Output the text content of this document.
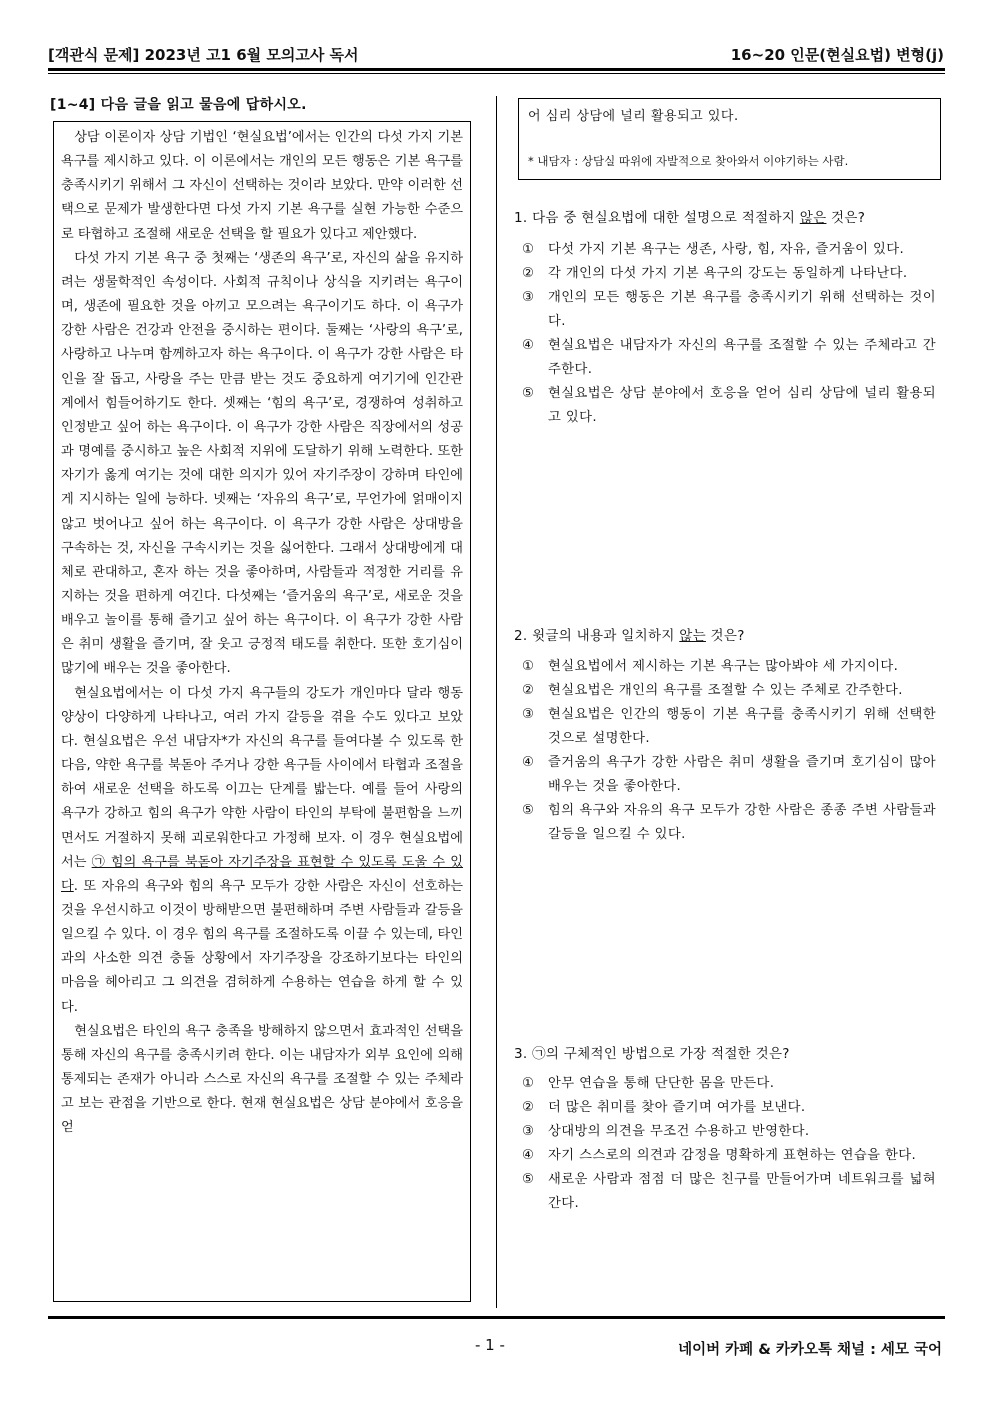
[객관식 문제] 2023년 고1 6월 모의고사 독서	16~20 인문(현실요법) 변형(j)
[1~4] 다음 글을 읽고 물음에 답하시오.

상담 이론이자 상담 기법인 ‘현실요법’에서는 인간의 다섯 가지 기본 욕구를 제시하고 있다. 이 이론에서는 개인의 모든 행동은 기본 욕구를 충족시키기 위해서 그 자신이 선택하는 것이라 보았다. 만약 이러한 선택으로 문제가 발생한다면 다섯 가지 기본 욕구를 실현 가능한 수준으로 타협하고 조절해 새로운 선택을 할 필요가 있다고 제안했다.

다섯 가지 기본 욕구 중 첫째는 ‘생존의 욕구’로, 자신의 삶을 유지하려는 생물학적인 속성이다. 사회적 규칙이나 상식을 지키려는 욕구이며, 생존에 필요한 것을 아끼고 모으려는 욕구이기도 하다. 이 욕구가 강한 사람은 건강과 안전을 중시하는 편이다. 둘째는 ‘사랑의 욕구’로, 사랑하고 나누며 함께하고자 하는 욕구이다. 이 욕구가 강한 사람은 타인을 잘 돕고, 사랑을 주는 만큼 받는 것도 중요하게 여기기에 인간관계에서 힘들어하기도 한다. 셋째는 ‘힘의 욕구’로, 경쟁하여 성취하고 인정받고 싶어 하는 욕구이다. 이 욕구가 강한 사람은 직장에서의 성공과 명예를 중시하고 높은 사회적 지위에 도달하기 위해 노력한다. 또한 자기가 옳게 여기는 것에 대한 의지가 있어 자기주장이 강하며 타인에게 지시하는 일에 능하다. 넷째는 ‘자유의 욕구’로, 무언가에 얽매이지 않고 벗어나고 싶어 하는 욕구이다. 이 욕구가 강한 사람은 상대방을 구속하는 것, 자신을 구속시키는 것을 싫어한다. 그래서 상대방에게 대체로 관대하고, 혼자 하는 것을 좋아하며, 사람들과 적정한 거리를 유지하는 것을 편하게 여긴다. 다섯째는 ‘즐거움의 욕구’로, 새로운 것을 배우고 놀이를 통해 즐기고 싶어 하는 욕구이다. 이 욕구가 강한 사람은 취미 생활을 즐기며, 잘 웃고 긍정적 태도를 취한다. 또한 호기심이 많기에 배우는 것을 좋아한다.

현실요법에서는 이 다섯 가지 욕구들의 강도가 개인마다 달라 행동 양상이 다양하게 나타나고, 여러 가지 갈등을 겪을 수도 있다고 보았다. 현실요법은 우선 내담자*가 자신의 욕구를 들여다볼 수 있도록 한 다음, 약한 욕구를 북돋아 주거나 강한 욕구들 사이에서 타협과 조절을 하여 새로운 선택을 하도록 이끄는 단계를 밟는다. 예를 들어 사랑의 욕구가 강하고 힘의 욕구가 약한 사람이 타인의 부탁에 불편함을 느끼면서도 거절하지 못해 괴로워한다고 가정해 보자. 이 경우 현실요법에서는 ㉠ 힘의 욕구를 북돋아 자기주장을 표현할 수 있도록 도울 수 있다. 또 자유의 욕구와 힘의 욕구 모두가 강한 사람은 자신이 선호하는 것을 우선시하고 이것이 방해받으면 불편해하며 주변 사람들과 갈등을 일으킬 수 있다. 이 경우 힘의 욕구를 조절하도록 이끌 수 있는데, 타인과의 사소한 의견 충돌 상황에서 자기주장을 강조하기보다는 타인의 마음을 헤아리고 그 의견을 겸허하게 수용하는 연습을 하게 할 수 있다.

현실요법은 타인의 욕구 충족을 방해하지 않으면서 효과적인 선택을 통해 자신의 욕구를 충족시키려 한다. 이는 내담자가 외부 요인에 의해 통제되는 존재가 아니라 스스로 자신의 욕구를 조절할 수 있는 주체라고 보는 관점을 기반으로 한다. 현재 현실요법은 상담 분야에서 호응을 얻

어 심리 상담에 널리 활용되고 있다.
* 내담자 : 상담실 따위에 자발적으로 찾아와서 이야기하는 사람.
1. 다음 중 현실요법에 대한 설명으로 적절하지 않은 것은?
①	다섯 가지 기본 욕구는 생존, 사랑, 힘, 자유, 즐거움이 있다.
②	각 개인의 다섯 가지 기본 욕구의 강도는 동일하게 나타난다.
③	개인의 모든 행동은 기본 욕구를 충족시키기 위해 선택하는 것이다.
④	현실요법은 내담자가 자신의 욕구를 조절할 수 있는 주체라고 간주한다.
⑤	현실요법은 상담 분야에서 호응을 얻어 심리 상담에 널리 활용되고 있다.
2. 윗글의 내용과 일치하지 않는 것은?
①	현실요법에서 제시하는 기본 욕구는 많아봐야 세 가지이다.
②	현실요법은 개인의 욕구를 조절할 수 있는 주체로 간주한다.
③	현실요법은 인간의 행동이 기본 욕구를 충족시키기 위해 선택한 것으로 설명한다.
④	즐거움의 욕구가 강한 사람은 취미 생활을 즐기며 호기심이 많아 배우는 것을 좋아한다.
⑤	힘의 욕구와 자유의 욕구 모두가 강한 사람은 종종 주변 사람들과 갈등을 일으킬 수 있다.
3. ㉠의 구체적인 방법으로 가장 적절한 것은?
①	안무 연습을 통해 단단한 몸을 만든다.
②	더 많은 취미를 찾아 즐기며 여가를 보낸다.
③	상대방의 의견을 무조건 수용하고 반영한다.
④	자기 스스로의 의견과 감정을 명확하게 표현하는 연습을 한다.
⑤	새로운 사람과 점점 더 많은 친구를 만들어가며 네트워크를 넓혀간다.
- 1 -	네이버 카페 & 카카오톡 채널 : 세모 국어
